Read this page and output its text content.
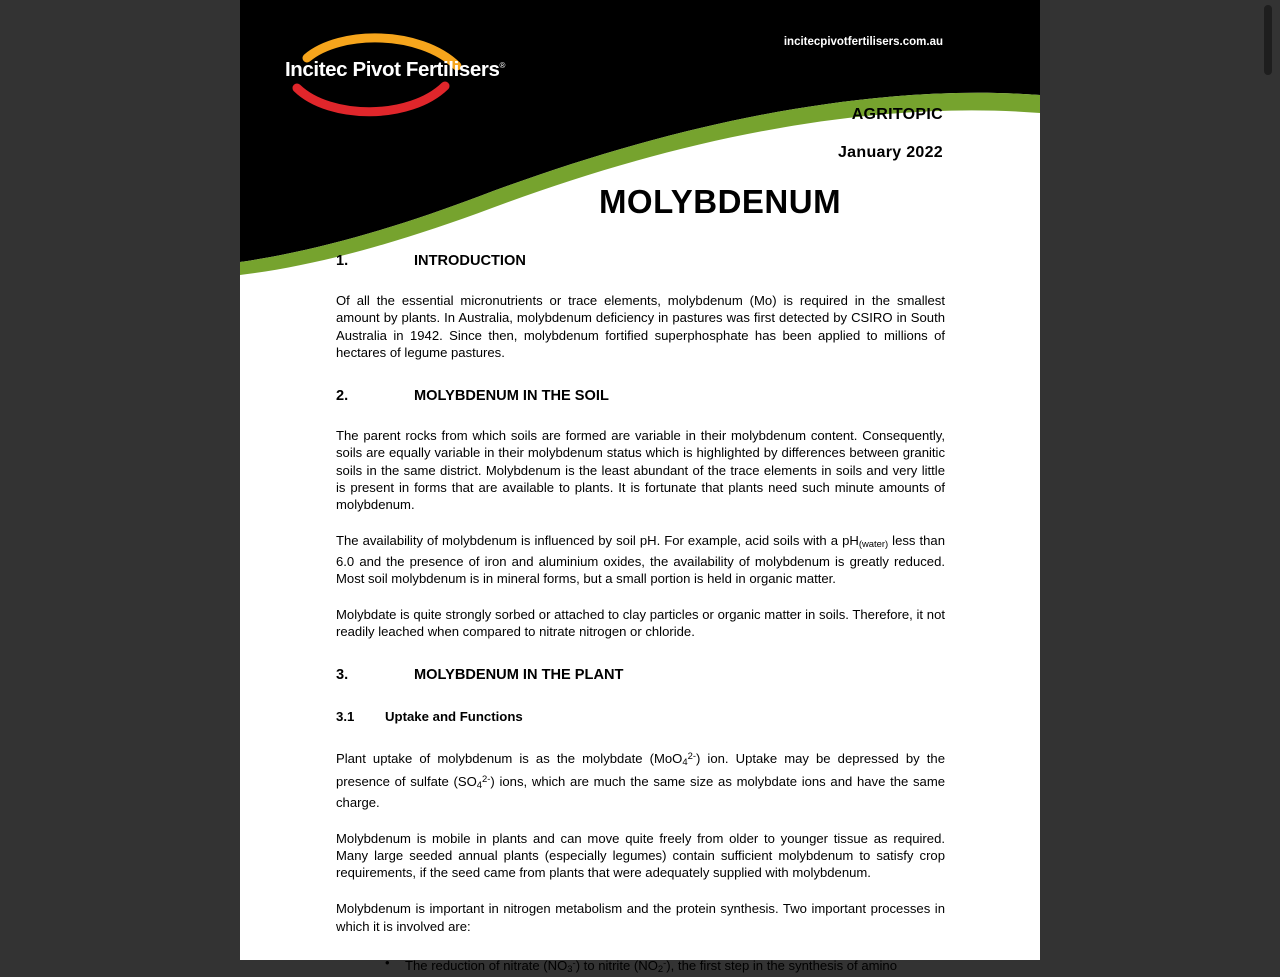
Incitec Pivot Fertilisers®
incitecpivotfertilisers.com.au
AGRITOPIC
January 2022
MOLYBDENUM
1.	INTRODUCTION

Of all the essential micronutrients or trace elements, molybdenum (Mo) is required in the smallest amount by plants. In Australia, molybdenum deficiency in pastures was first detected by CSIRO in South Australia in 1942. Since then, molybdenum fortified superphosphate has been applied to millions of hectares of legume pastures.

2.	MOLYBDENUM IN THE SOIL

The parent rocks from which soils are formed are variable in their molybdenum content. Consequently, soils are equally variable in their molybdenum status which is highlighted by differences between granitic soils in the same district. Molybdenum is the least abundant of the trace elements in soils and very little is present in forms that are available to plants. It is fortunate that plants need such minute amounts of molybdenum.

The availability of molybdenum is influenced by soil pH. For example, acid soils with a $pH_{(water)}$ less than 6.0 and the presence of iron and aluminium oxides, the availability of molybdenum is greatly reduced. Most soil molybdenum is in mineral forms, but a small portion is held in organic matter.

Molybdate is quite strongly sorbed or attached to clay particles or organic matter in soils. Therefore, it not readily leached when compared to nitrate nitrogen or chloride.

3.	MOLYBDENUM IN THE PLANT
3.1 Uptake and Functions

Plant uptake of molybdenum is as the molybdate (MoO$_4^{2-}$) ion. Uptake may be depressed by the presence of sulfate $(SO_4^{2-})$ ions, which are much the same size as molybdate ions and have the same charge.

Molybdenum is mobile in plants and can move quite freely from older to younger tissue as required. Many large seeded annual plants (especially legumes) contain sufficient molybdenum to satisfy crop requirements, if the seed came from plants that were adequately supplied with molybdenum.

Molybdenum is important in nitrogen metabolism and the protein synthesis. Two important processes in which it is involved are:

• The reduction of nitrate $(NO_3^-)$ to nitrite $(NO_2^-)$, the first step in the synthesis of amino
